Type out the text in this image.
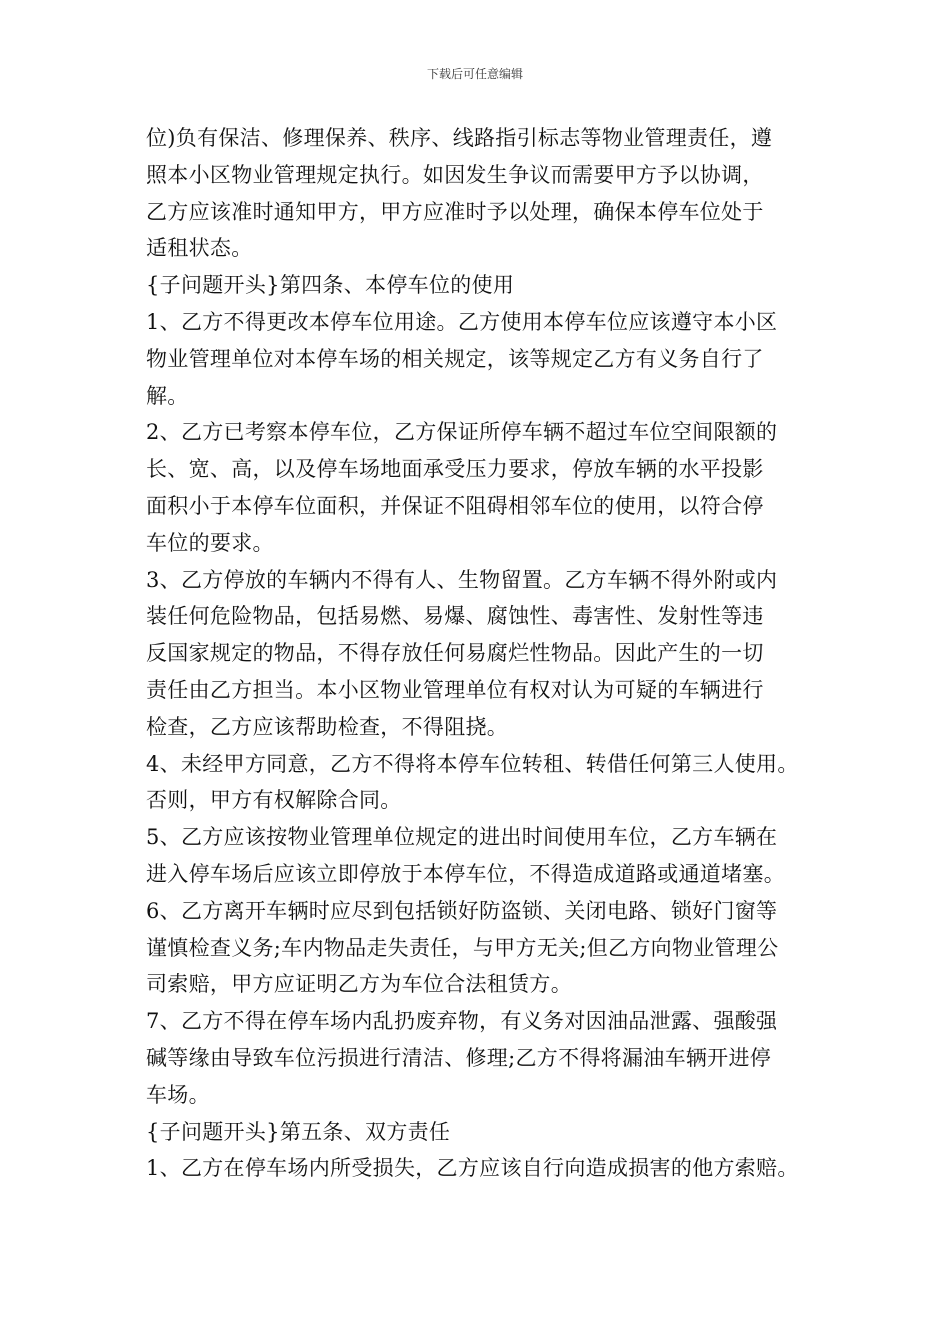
下载后可任意编辑
位)负有保洁、修理保养、秩序、线路指引标志等物业管理责任，遵
照本小区物业管理规定执行。如因发生争议而需要甲方予以协调，
乙方应该准时通知甲方，甲方应准时予以处理，确保本停车位处于
适租状态。
{子问题开头}第四条、本停车位的使用
1、乙方不得更改本停车位用途。乙方使用本停车位应该遵守本小区
物业管理单位对本停车场的相关规定，该等规定乙方有义务自行了
解。
2、乙方已考察本停车位，乙方保证所停车辆不超过车位空间限额的
长、宽、高，以及停车场地面承受压力要求，停放车辆的水平投影
面积小于本停车位面积，并保证不阻碍相邻车位的使用，以符合停
车位的要求。
3、乙方停放的车辆内不得有人、生物留置。乙方车辆不得外附或内
装任何危险物品，包括易燃、易爆、腐蚀性、毒害性、发射性等违
反国家规定的物品，不得存放任何易腐烂性物品。因此产生的一切
责任由乙方担当。本小区物业管理单位有权对认为可疑的车辆进行
检查，乙方应该帮助检查，不得阻挠。
4、未经甲方同意，乙方不得将本停车位转租、转借任何第三人使用。
否则，甲方有权解除合同。
5、乙方应该按物业管理单位规定的进出时间使用车位，乙方车辆在
进入停车场后应该立即停放于本停车位，不得造成道路或通道堵塞。
6、乙方离开车辆时应尽到包括锁好防盗锁、关闭电路、锁好门窗等
谨慎检查义务;车内物品走失责任，与甲方无关;但乙方向物业管理公
司索赔，甲方应证明乙方为车位合法租赁方。
7、乙方不得在停车场内乱扔废弃物，有义务对因油品泄露、强酸强
碱等缘由导致车位污损进行清洁、修理;乙方不得将漏油车辆开进停
车场。
{子问题开头}第五条、双方责任
1、乙方在停车场内所受损失，乙方应该自行向造成损害的他方索赔。
